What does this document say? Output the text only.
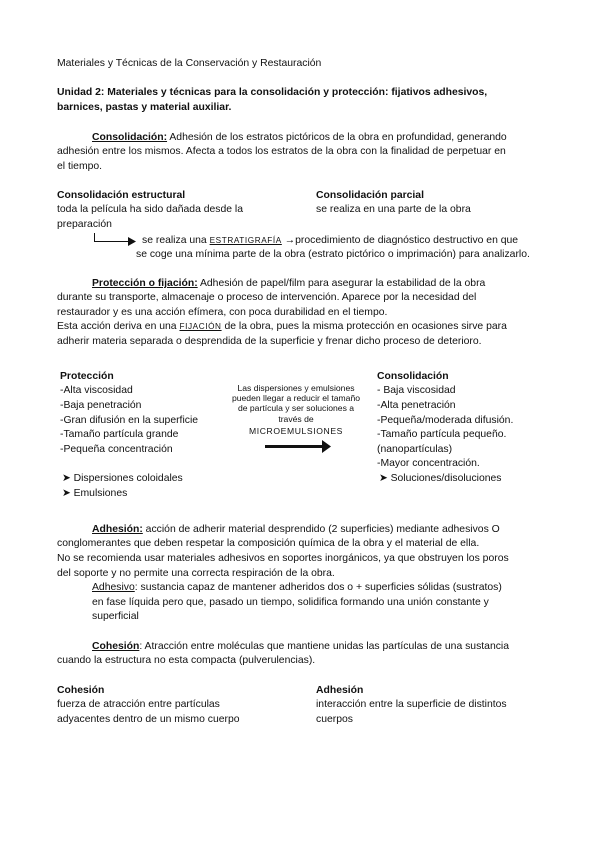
Materiales y Técnicas de la Conservación y Restauración
Unidad 2: Materiales y técnicas para la consolidación y protección: fijativos adhesivos,
barnices, pastas y material auxiliar.
Consolidación: Adhesión de los estratos pictóricos de la obra en profundidad, generando
adhesión entre los mismos. Afecta a todos los estratos de la obra con la finalidad de perpetuar en
el tiempo.
Consolidación estructural
toda la película ha sido dañada desde la
preparación
Consolidación parcial
se realiza en una parte de la obra
se realiza una ESTRATIGRAFÍA →procedimiento de diagnóstico destructivo en que
se coge una mínima parte de la obra (estrato pictórico o imprimación) para analizarlo.
Protección o fijación: Adhesión de papel/film para asegurar la estabilidad de la obra
durante su transporte, almacenaje o proceso de intervención. Aparece por la necesidad del
restaurador y es una acción efímera, con poca durabilidad en el tiempo.
Esta acción deriva en una FIJACIÓN de la obra, pues la misma protección en ocasiones sirve para
adherir materia separada o desprendida de la superficie y frenar dicho proceso de deterioro.
Protección
-Alta viscosidad
-Baja penetración
-Gran difusión en la superficie
-Tamaño partícula grande
-Pequeña concentración
➤ Dispersiones coloidales
➤ Emulsiones
Las dispersiones y emulsiones
pueden llegar a reducir el tamaño
de partícula y ser soluciones a
través de
MICROEMULSIONES
Consolidación
- Baja viscosidad
-Alta penetración
-Pequeña/moderada difusión.
-Tamaño partícula pequeño.
(nanopartículas)
-Mayor concentración.
➤ Soluciones/disoluciones
Adhesión: acción de adherir material desprendido (2 superficies) mediante adhesivos O
conglomerantes que deben respetar la composición química de la obra y el material de ella.
No se recomienda usar materiales adhesivos en soportes inorgánicos, ya que obstruyen los poros
del soporte y no permite una correcta respiración de la obra.
Adhesivo: sustancia capaz de mantener adheridos dos o + superficies sólidas (sustratos)
en fase líquida pero que, pasado un tiempo, solidifica formando una unión constante y
superficial
Cohesión: Atracción entre moléculas que mantiene unidas las partículas de una sustancia
cuando la estructura no esta compacta (pulverulencias).
Cohesión
fuerza de atracción entre partículas
adyacentes dentro de un mismo cuerpo
Adhesión
interacción entre la superficie de distintos
cuerpos
